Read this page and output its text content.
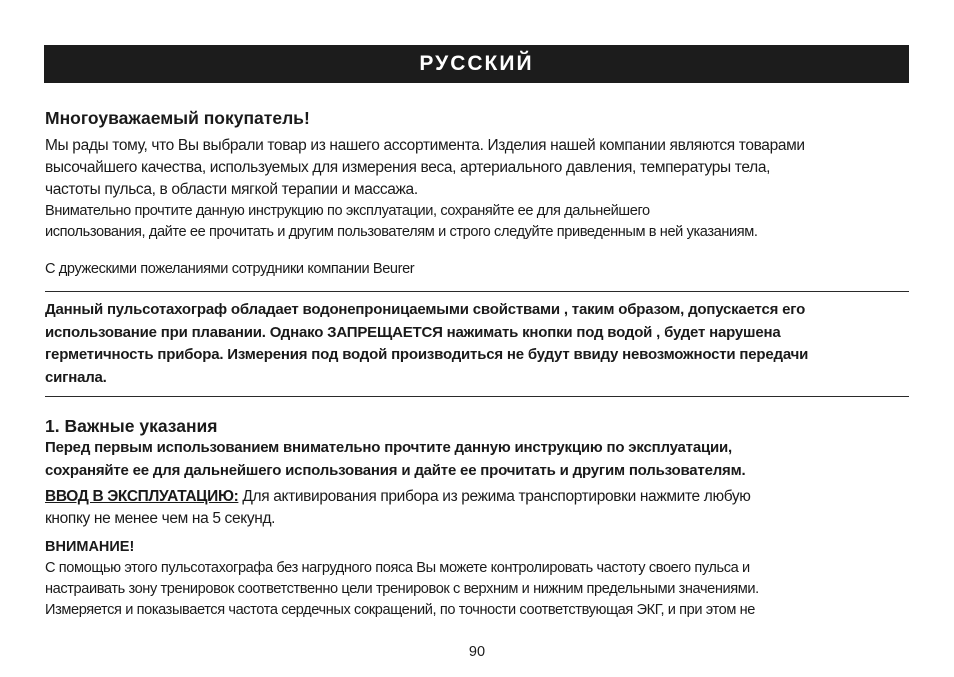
РУССКИЙ
Многоуважаемый покупатель!
Мы рады тому, что Вы выбрали товар из нашего ассортимента. Изделия нашей компании являются товарами
высочайшего качества, используемых для измерения веса, артериального давления, температуры тела,
частоты пульса, в области мягкой терапии и массажа.
Внимательно прочтите данную инструкцию по эксплуатации, сохраняйте ее для дальнейшего
использования, дайте ее прочитать и другим пользователям и строго следуйте приведенным в ней указаниям.
С дружескими пожеланиями сотрудники компании Beurer
Данный пульсотахограф обладает водонепроницаемыми свойствами , таким образом, допускается его
использование при плавании. Однако ЗАПРЕЩАЕТСЯ нажимать кнопки под водой , будет нарушена
герметичность прибора. Измерения под водой производиться не будут ввиду невозможности передачи
сигнала.
1. Важные указания
Перед первым использованием внимательно прочтите данную инструкцию по эксплуатации,
сохраняйте ее для дальнейшего использования и дайте ее прочитать и другим пользователям.
ВВОД В ЭКСПЛУАТАЦИЮ: Для активирования прибора из режима транспортировки нажмите любую
кнопку не менее чем на 5 секунд.
ВНИМАНИЕ!
С помощью этого пульсотахографа без нагрудного пояса Вы можете контролировать частоту своего пульса и
настраивать зону тренировок соответственно цели тренировок с верхним и нижним предельными значениями.
Измеряется и показывается частота сердечных сокращений, по точности соответствующая ЭКГ, и при этом не
90
